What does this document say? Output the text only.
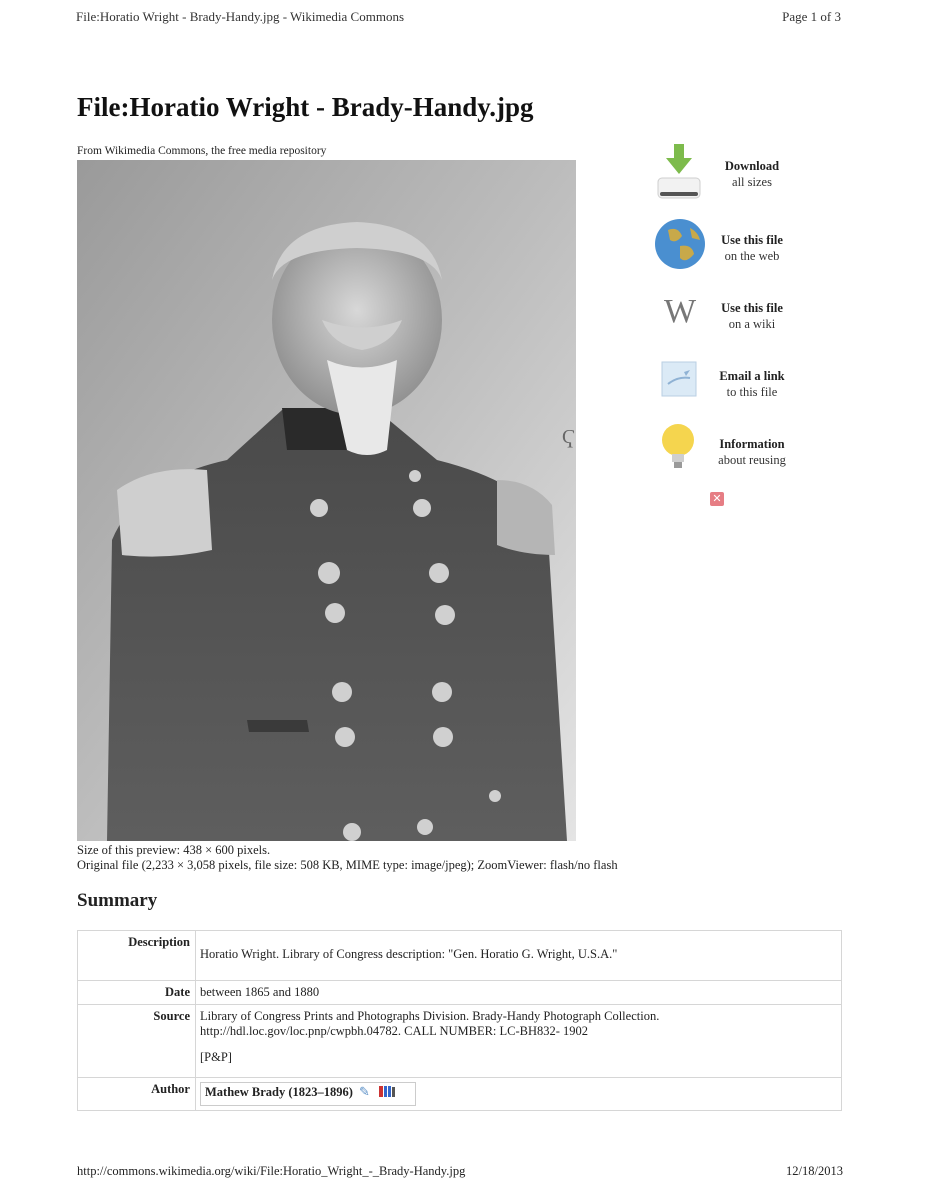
File:Horatio Wright - Brady-Handy.jpg - Wikimedia Commons	Page 1 of 3
File:Horatio Wright - Brady-Handy.jpg
From Wikimedia Commons, the free media repository
Ҁ
Download
all sizes
Use this file
on the web
W	Use this file
on a wiki
Email a link
to this file
Information
about reusing
✕
Size of this preview: 438 × 600 pixels.
Original file (2,233 × 3,058 pixels, file size: 508 KB, MIME type: image/jpeg); ZoomViewer: flash/no flash
Summary
Description	Horatio Wright. Library of Congress description: "Gen. Horatio G. Wright, U.S.A."

Date	between 1865 and 1880
Source	Library of Congress Prints and Photographs Division. Brady-Handy Photograph Collection.
http://hdl.loc.gov/loc.pnp/cwpbh.04782. CALL NUMBER: LC-BH832- 1902
[P&P]

Author	Mathew Brady (1823–1896) ✎
http://commons.wikimedia.org/wiki/File:Horatio_Wright_-_Brady-Handy.jpg	12/18/2013
